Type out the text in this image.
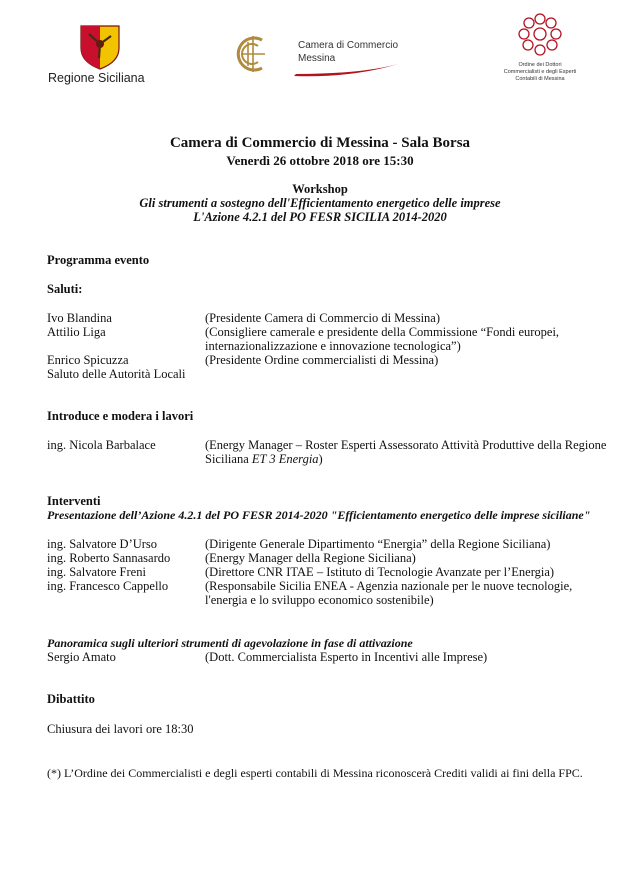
Regione Siciliana
Camera di Commercio
Messina
Ordine dei Dottori
Commercialisti e degli Esperti
Contabili di Messina
Camera di Commercio di Messina - Sala Borsa
Venerdì 26 ottobre 2018 ore 15:30
Workshop
Gli strumenti a sostegno dell'Efficientamento energetico delle imprese
L'Azione 4.2.1 del PO FESR SICILIA 2014-2020
Programma evento
Saluti:
Ivo Blandina	(Presidente Camera di Commercio di Messina)
Attilio Liga	(Consigliere camerale e presidente della Commissione “Fondi europei,
internazionalizzazione e innovazione tecnologica”)
Enrico Spicuzza	(Presidente Ordine commercialisti di Messina)
Saluto delle Autorità Locali
Introduce e modera i lavori
ing. Nicola Barbalace	(Energy Manager – Roster Esperti Assessorato Attività Produttive della Regione
Siciliana ET 3 Energia)
Interventi
Presentazione dell’Azione 4.2.1 del PO FESR 2014-2020 "Efficientamento energetico delle imprese siciliane"
ing. Salvatore D’Urso	(Dirigente Generale Dipartimento “Energia” della Regione Siciliana)
ing. Roberto Sannasardo	(Energy Manager della Regione Siciliana)
ing. Salvatore Freni	(Direttore CNR ITAE – Istituto di Tecnologie Avanzate per l’Energia)
ing. Francesco Cappello	(Responsabile Sicilia ENEA - Agenzia nazionale per le nuove tecnologie,
l'energia e lo sviluppo economico sostenibile)
Panoramica sugli ulteriori strumenti di agevolazione in fase di attivazione
Sergio Amato	(Dott. Commercialista Esperto in Incentivi alle Imprese)
Dibattito
Chiusura dei lavori ore 18:30
(*) L’Ordine dei Commercialisti e degli esperti contabili di Messina riconoscerà Crediti validi ai fini della FPC.
